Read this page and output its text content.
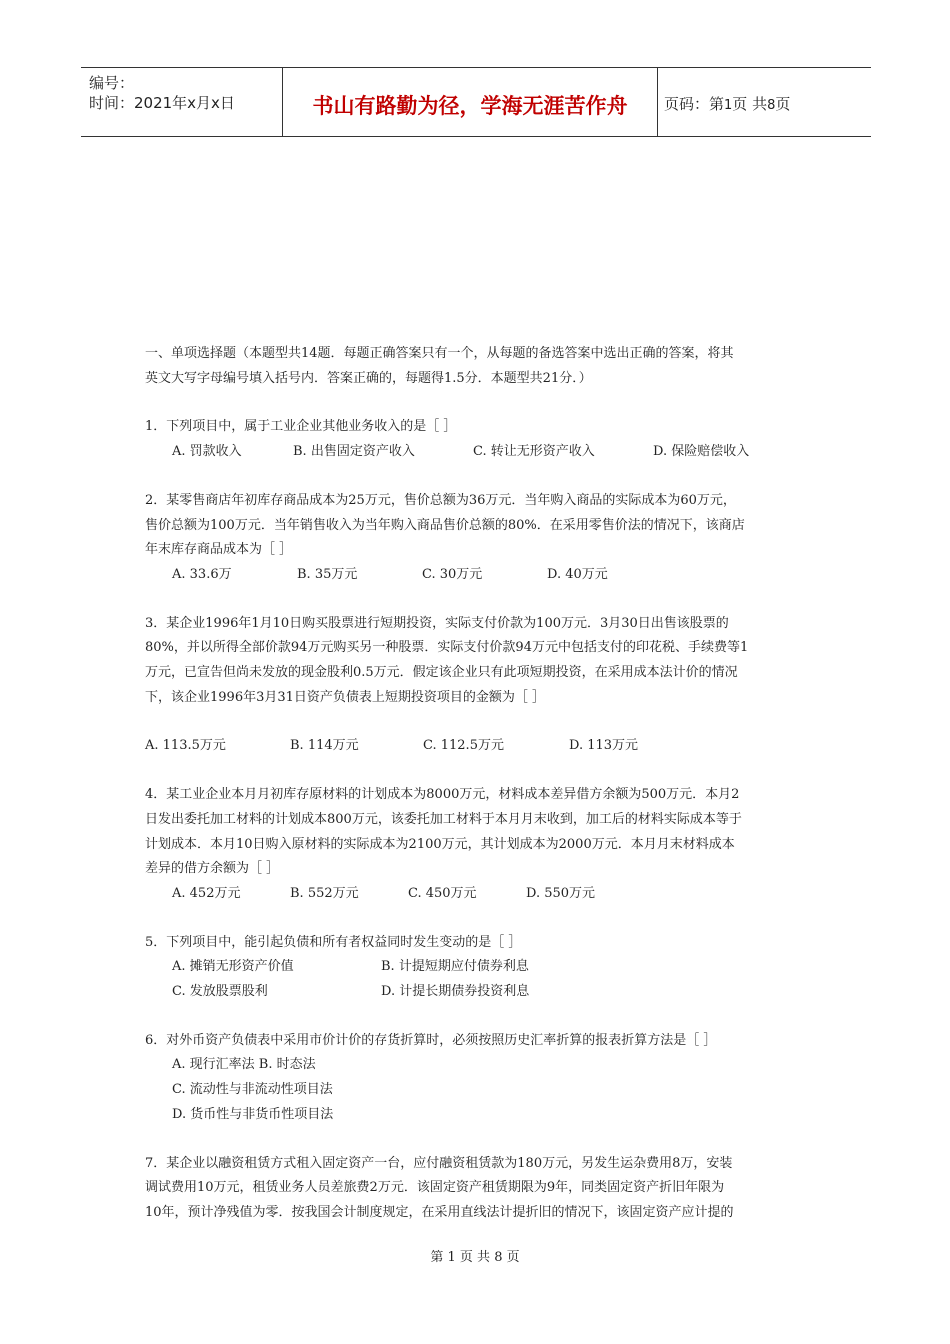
编号：
时间：2021年x月x日	书山有路勤为径，学海无涯苦作舟	页码：第1页 共8页

一、单项选择题（本题型共14题．每题正确答案只有一个，从每题的备选答案中选出正确的答案，将其

英文大写字母编号填入括号内．答案正确的，每题得1.5分．本题型共21分．）

1．下列项目中，属于工业企业其他业务收入的是［ ］

A. 罚款收入	B. 出售固定资产收入	C. 转让无形资产收入	D. 保险赔偿收入

2．某零售商店年初库存商品成本为25万元，售价总额为36万元．当年购入商品的实际成本为60万元，

售价总额为100万元．当年销售收入为当年购入商品售价总额的80%．在采用零售价法的情况下，该商店

年末库存商品成本为［ ］

A. 33.6万	B. 35万元	C. 30万元	D. 40万元

3．某企业1996年1月10日购买股票进行短期投资，实际支付价款为100万元．3月30日出售该股票的

80%，并以所得全部价款94万元购买另一种股票．实际支付价款94万元中包括支付的印花税、手续费等1

万元，已宣告但尚未发放的现金股利0.5万元．假定该企业只有此项短期投资，在采用成本法计价的情况

下，该企业1996年3月31日资产负债表上短期投资项目的金额为［ ］

A. 113.5万元	B. 114万元	C. 112.5万元	D. 113万元

4．某工业企业本月月初库存原材料的计划成本为8000万元，材料成本差异借方余额为500万元．本月2

日发出委托加工材料的计划成本800万元，该委托加工材料于本月月末收到，加工后的材料实际成本等于

计划成本．本月10日购入原材料的实际成本为2100万元，其计划成本为2000万元．本月月末材料成本

差异的借方余额为［ ］

A. 452万元	B. 552万元	C. 450万元	D. 550万元

5．下列项目中，能引起负债和所有者权益同时发生变动的是［ ］

A. 摊销无形资产价值	B. 计提短期应付债券利息
C. 发放股票股利	D. 计提长期债券投资利息

6．对外币资产负债表中采用市价计价的存货折算时，必须按照历史汇率折算的报表折算方法是［ ］

A. 现行汇率法 B. 时态法
C. 流动性与非流动性项目法
D. 货币性与非货币性项目法

7．某企业以融资租赁方式租入固定资产一台，应付融资租赁款为180万元，另发生运杂费用8万，安装

调试费用10万元，租赁业务人员差旅费2万元．该固定资产租赁期限为9年，同类固定资产折旧年限为

10年，预计净残值为零．按我国会计制度规定，在采用直线法计提折旧的情况下，该固定资产应计提的

第 1 页 共 8 页
